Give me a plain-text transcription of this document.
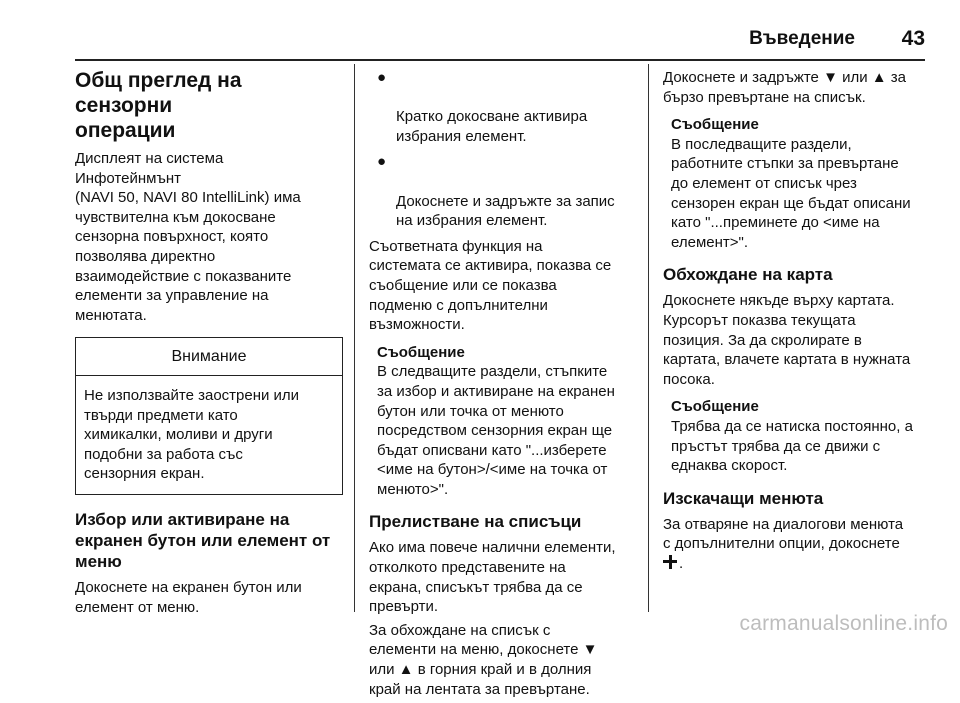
Въведение 43
Общ преглед на сензорни
операции
Дисплеят на система
Инфотейнмънт
(NAVI 50, NAVI 80 IntelliLink) има
чувствителна към докосване
сензорна повърхност, която
позволява директно
взаимодействие с показваните
елементи за управление на
менютата.
Внимание
Не използвайте заострени или
твърди предмети като
химикалки, моливи и други
подобни за работа със
сензорния екран.
Избор или активиране на
екранен бутон или елемент от
меню
Докоснете на екранен бутон или
елемент от меню.

●

Кратко докосване активира
избрания елемент.

●

Докоснете и задръжте за запис
на избрания елемент.

Съответната функция на
системата се активира, показва се
съобщение или се показва
подменю с допълнителни
възможности.
Съобщение
В следващите раздели, стъпките
за избор и активиране на екранен
бутон или точка от менюто
посредством сензорния екран ще
бъдат описвани като "...изберете
<име на бутон>/<име на точка от
менюто>".
Прелистване на списъци
Ако има повече налични елементи,
отколкото представените на
екрана, списъкът трябва да се
превърти.
За обхождане на списък с
елементи на меню, докоснете ▼
или ▲ в горния край и в долния
край на лентата за превъртане.
Докоснете и задръжте ▼ или ▲ за
бързо превъртане на списък.
Съобщение
В последващите раздели,
работните стъпки за превъртане
до елемент от списък чрез
сензорен екран ще бъдат описани
като "...преминете до <име на
елемент>".
Обхождане на карта
Докоснете някъде върху картата.
Курсорът показва текущата
позиция. За да скролирате в
картата, влачете картата в нужната
посока.
Съобщение
Трябва да се натиска постоянно, а
пръстът трябва да се движи с
еднаква скорост.
Изскачащи менюта
За отваряне на диалогови менюта
с допълнителни опции, докоснете
.
carmanualsonline.info
